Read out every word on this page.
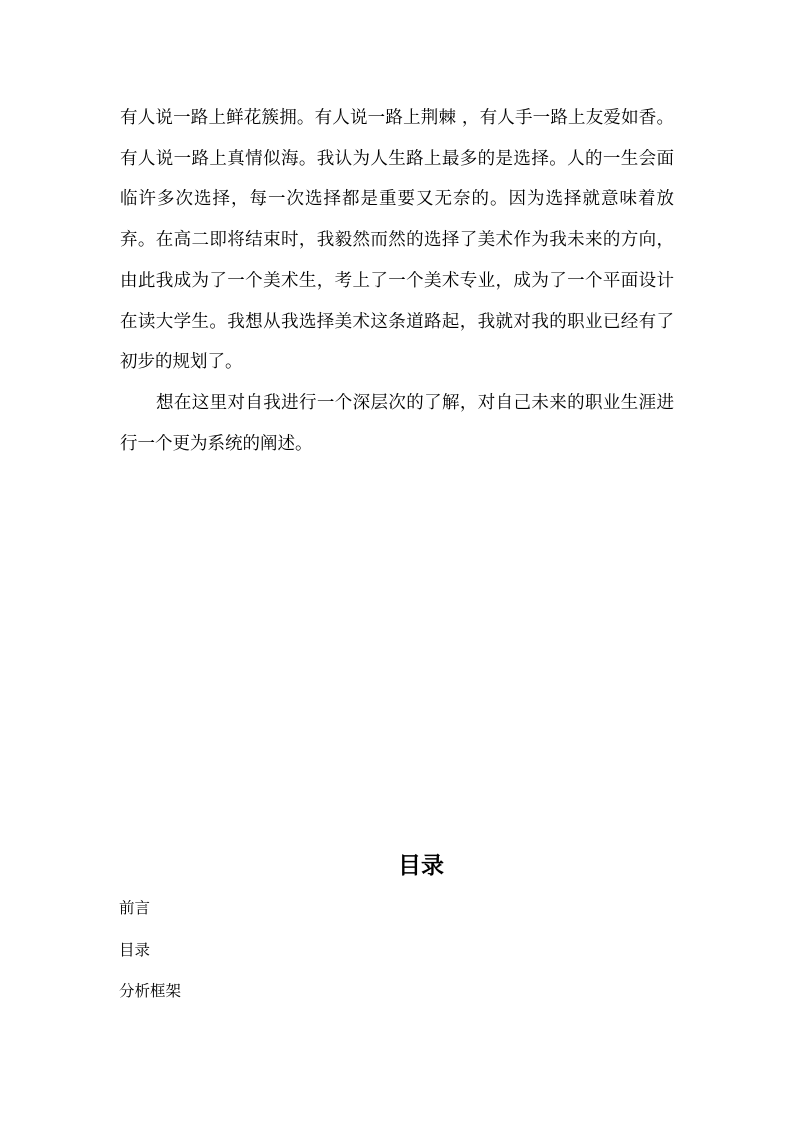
有人说一路上鲜花簇拥。有人说一路上荆棘 ，有人手一路上友爱如香。有人说一路上真情似海。我认为人生路上最多的是选择。人的一生会面临许多次选择，每一次选择都是重要又无奈的。因为选择就意味着放弃。在高二即将结束时，我毅然而然的选择了美术作为我未来的方向，由此我成为了一个美术生，考上了一个美术专业，成为了一个平面设计在读大学生。我想从我选择美术这条道路起，我就对我的职业已经有了初步的规划了。

想在这里对自我进行一个深层次的了解，对自己未来的职业生涯进行一个更为系统的阐述。

目录
前言
目录
分析框架
